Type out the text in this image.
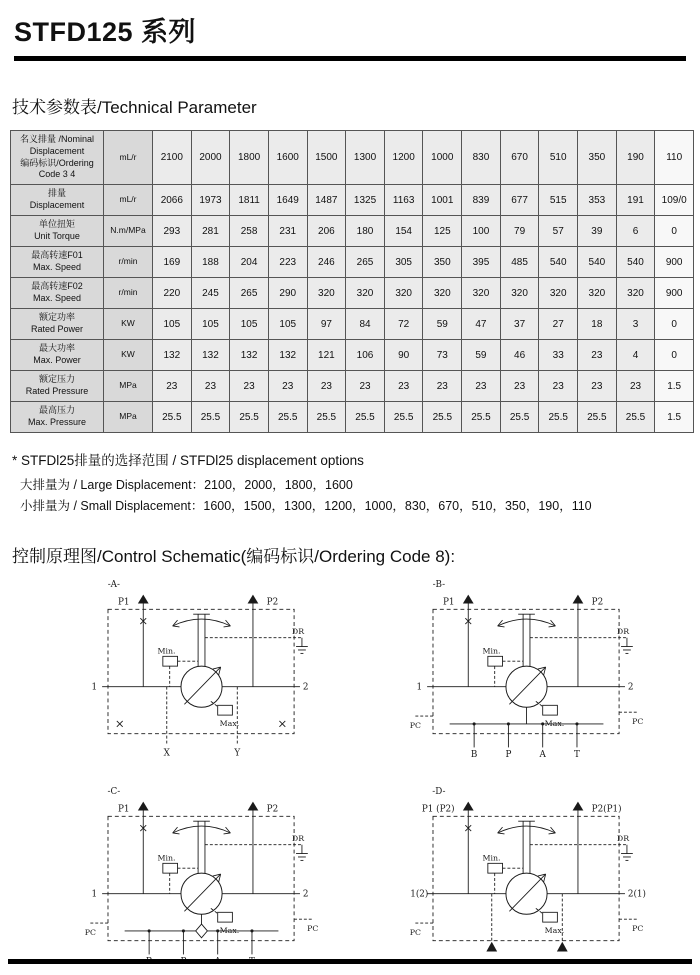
STFD125 系列
技术参数表/Technical Parameter
名义排量 /Nominal
Displacement
编码标识/Ordering
Code 3 4	mL/r	2100	2000	1800	1600	1500	1300	1200	1000	830	670	510	350	190	110
排量
Displacement	mL/r	2066	1973	1811	1649	1487	1325	1163	1001	839	677	515	353	191	109/0
单位扭矩
Unit Torque	N.m/MPa	293	281	258	231	206	180	154	125	100	79	57	39	6	0
最高转速F01
Max. Speed	r/min	169	188	204	223	246	265	305	350	395	485	540	540	540	900
最高转速F02
Max. Speed	r/min	220	245	265	290	320	320	320	320	320	320	320	320	320	900
额定功率
Rated Power	KW	105	105	105	105	97	84	72	59	47	37	27	18	3	0
最大功率
Max. Power	KW	132	132	132	132	121	106	90	73	59	46	33	23	4	0
额定压力
Rated Pressure	MPa	23	23	23	23	23	23	23	23	23	23	23	23	23	1.5
最高压力
Max. Pressure	MPa	25.5	25.5	25.5	25.5	25.5	25.5	25.5	25.5	25.5	25.5	25.5	25.5	25.5	1.5

* STFDl25排量的选择范围 / STFDl25 displacement options

大排量为 / Large Displacement：2100，2000，1800，1600

小排量为 / Small Displacement：1600，1500，1300，1200，1000，830，670，510，350，190，110

控制原理图/Control Schematic(编码标识/Ordering Code 8):
-A-
P1	P2
1	2
Min.
Max.
DR
X	Y
-B-
P1	P2
1	2
Min.
Max.
DR
B	P	A	T
PC	PC
-C-
P1	P2
1	2
Min.
Max.
DR
PC	PC
-D-
P1 (P2)	P2(P1)
1(2)	2(1)
Min.
Max.
DR
PC	PC
